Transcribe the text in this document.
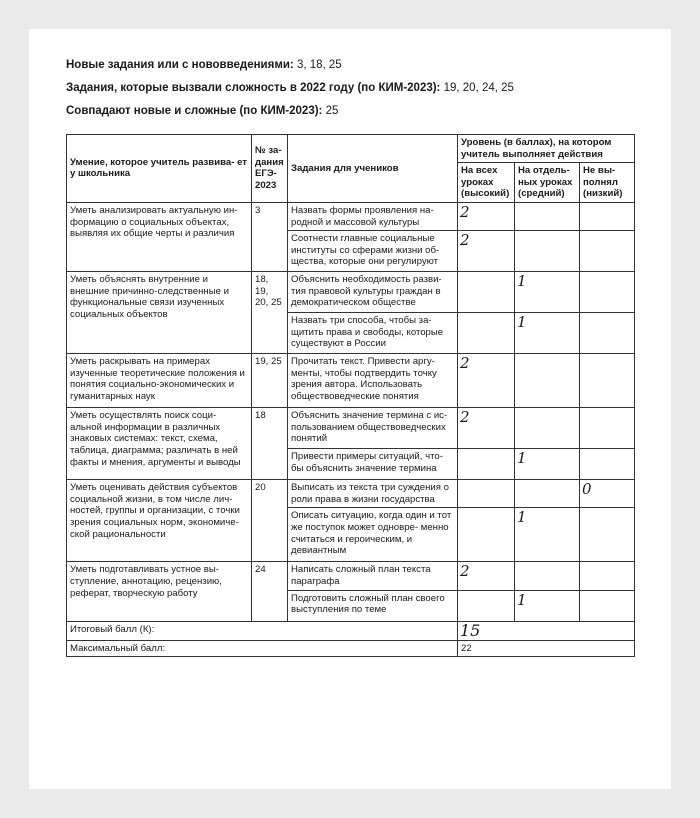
Новые задания или с нововведениями: 3, 18, 25

Задания, которые вызвали сложность в 2022 году (по КИМ-2023): 19, 20, 24, 25

Совпадают новые и сложные (по КИМ-2023): 25

Умение, которое учитель развива- ет у школьника	№ за- дания ЕГЭ- 2023	Задания для учеников	Уровень (в баллах), на котором учитель выполняет действия		
			На всех уроках (высокий)	На отдель- ных уроках (средний)	Не вы- полнял (низкий)
Уметь анализировать актуальную ин- формацию о социальных объектах, выявляя их общие черты и различия	3	Назвать формы проявления на- родной и массовой культуры	2		
		Соотнести главные социальные институты со сферами жизни об- щества, которые они регулируют	2		
Уметь объяснять внутренние и внешние причинно-следственные и функциональные связи изученных социальных объектов	18, 19, 20, 25	Объяснить необходимость разви- тия правовой культуры граждан в демократическом обществе		1	
		Назвать три способа, чтобы за- щитить права и свободы, которые существуют в России		1	
Уметь раскрывать на примерах изученные теоретические положения и понятия социально-экономических и гуманитарных наук	19, 25	Прочитать текст. Привести аргу- менты, чтобы подтвердить точку зрения автора. Использовать обществоведческие понятия	2		
Уметь осуществлять поиск соци- альной информации в различных знаковых системах: текст, схема, таблица, диаграмма; различать в ней факты и мнения, аргументы и выводы	18	Объяснить значение термина с ис- пользованием обществоведческих понятий	2		
		Привести примеры ситуаций, что- бы объяснить значение термина		1	
Уметь оценивать действия субъектов социальной жизни, в том числе лич- ностей, группы и организации, с точки зрения социальных норм, экономиче- ской рациональности	20	Выписать из текста три суждения о роли права в жизни государства			0
		Описать ситуацию, когда один и тот же поступок может одновре- менно считаться и героическим, и девиантным		1	
Уметь подготавливать устное вы- ступление, аннотацию, рецензию, реферат, творческую работу	24	Написать сложный план текста параграфа	2		
		Подготовить сложный план своего выступления по теме		1	
Итоговый балл (К):			15		
Максимальный балл:			22		
